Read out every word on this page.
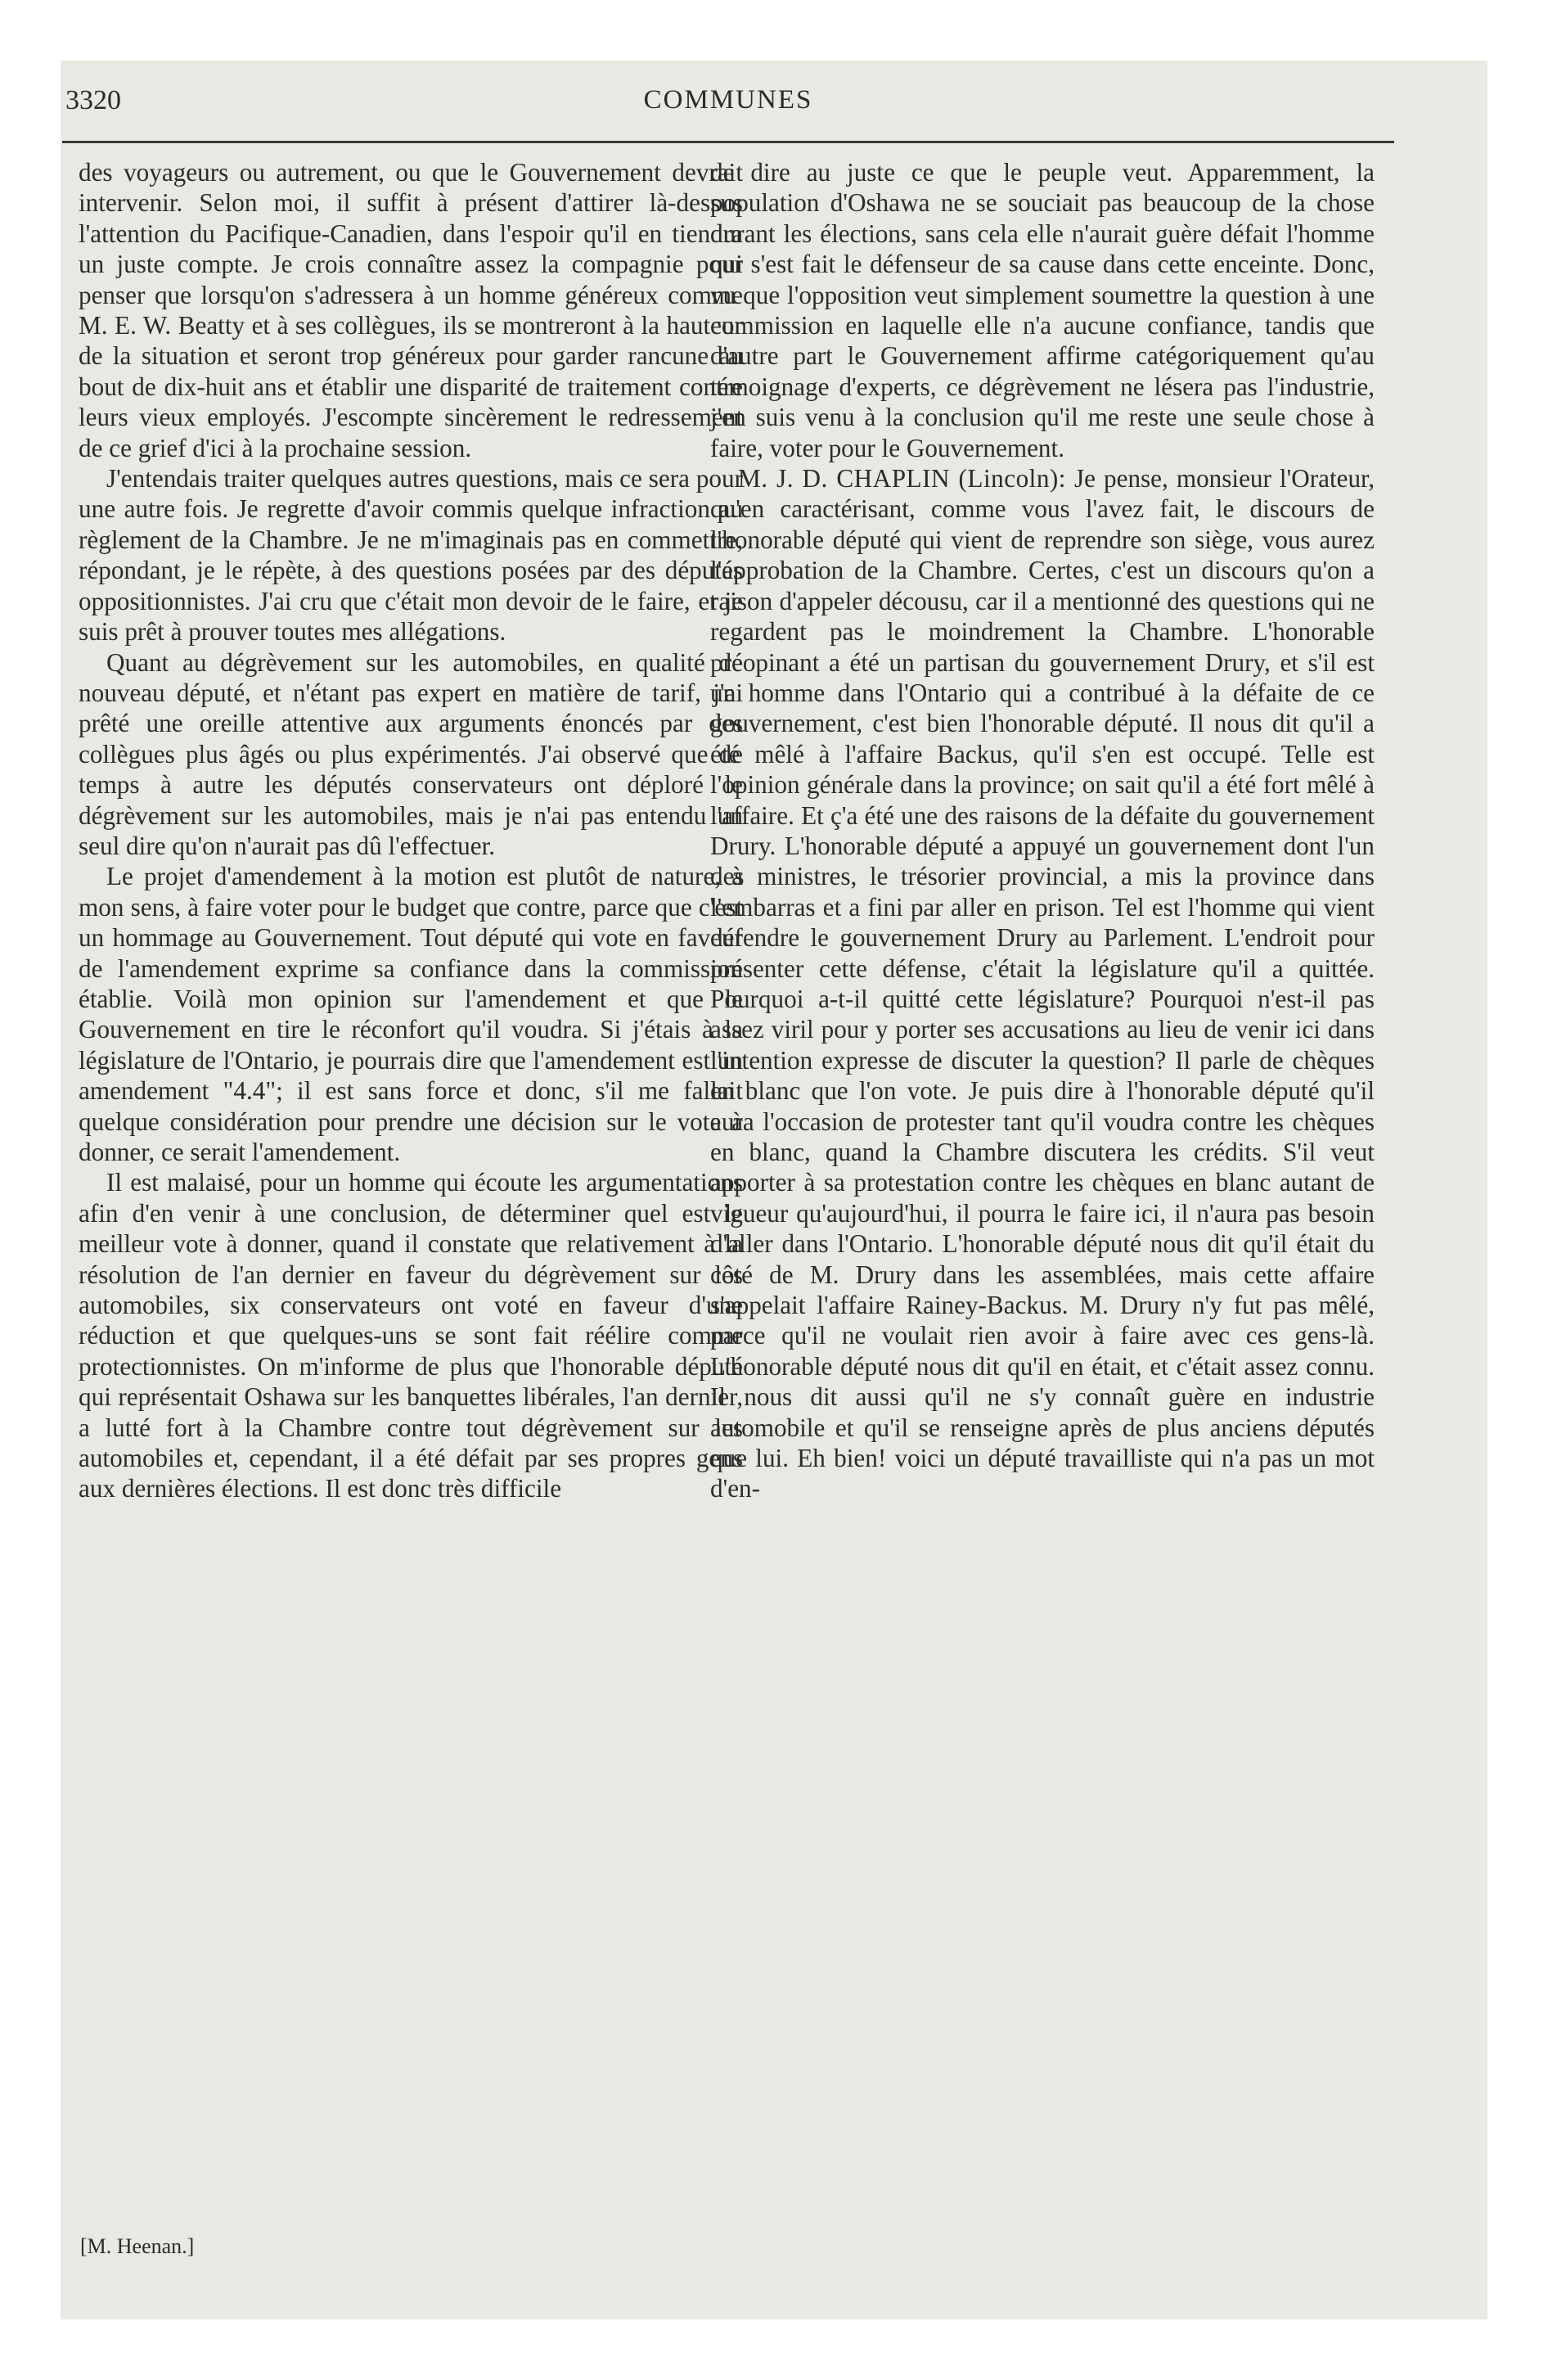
3320	COMMUNES

des voyageurs ou autrement, ou que le Gouvernement devrait intervenir. Selon moi, il suffit à présent d'attirer là-dessus l'attention du Pacifique-Canadien, dans l'espoir qu'il en tiendra un juste compte. Je crois connaître assez la compagnie pour penser que lorsqu'on s'adressera à un homme généreux comme M. E. W. Beatty et à ses collègues, ils se montreront à la hauteur de la situation et seront trop généreux pour garder rancune au bout de dix-huit ans et établir une disparité de traitement contre leurs vieux employés. J'escompte sincèrement le redressement de ce grief d'ici à la prochaine session.

J'entendais traiter quelques autres questions, mais ce sera pour une autre fois. Je regrette d'avoir commis quelque infraction au règlement de la Chambre. Je ne m'imaginais pas en commettre, répondant, je le répète, à des questions posées par des députés oppositionnistes. J'ai cru que c'était mon devoir de le faire, et je suis prêt à prouver toutes mes allégations.

Quant au dégrèvement sur les automobiles, en qualité de nouveau député, et n'étant pas expert en matière de tarif, j'ai prêté une oreille attentive aux arguments énoncés par des collègues plus âgés ou plus expérimentés. J'ai observé que de temps à autre les députés conservateurs ont déploré le dégrèvement sur les automobiles, mais je n'ai pas entendu un seul dire qu'on n'aurait pas dû l'effectuer.

Le projet d'amendement à la motion est plutôt de nature, à mon sens, à faire voter pour le budget que contre, parce que c'est un hommage au Gouvernement. Tout député qui vote en faveur de l'amendement exprime sa confiance dans la commission établie. Voilà mon opinion sur l'amendement et que le Gouvernement en tire le réconfort qu'il voudra. Si j'étais à la législature de l'Ontario, je pourrais dire que l'amendement est un amendement "4.4"; il est sans force et donc, s'il me fallait quelque considération pour prendre une décision sur le vote à donner, ce serait l'amendement.

Il est malaisé, pour un homme qui écoute les argumentations afin d'en venir à une conclusion, de déterminer quel est le meilleur vote à donner, quand il constate que relativement à la résolution de l'an dernier en faveur du dégrèvement sur les automobiles, six conservateurs ont voté en faveur d'une réduction et que quelques-uns se sont fait réélire comme protectionnistes. On m'informe de plus que l'honorable député qui représentait Oshawa sur les banquettes libérales, l'an dernier, a lutté fort à la Chambre contre tout dégrèvement sur les automobiles et, cependant, il a été défait par ses propres gens aux dernières élections. Il est donc très difficile

de dire au juste ce que le peuple veut. Apparemment, la population d'Oshawa ne se souciait pas beaucoup de la chose durant les élections, sans cela elle n'aurait guère défait l'homme qui s'est fait le défenseur de sa cause dans cette enceinte. Donc, vu que l'opposition veut simplement soumettre la question à une commission en laquelle elle n'a aucune confiance, tandis que d'autre part le Gouvernement affirme catégoriquement qu'au témoignage d'experts, ce dégrèvement ne lésera pas l'industrie, j'en suis venu à la conclusion qu'il me reste une seule chose à faire, voter pour le Gouvernement.

M. J. D. CHAPLIN (Lincoln): Je pense, monsieur l'Orateur, qu'en caractérisant, comme vous l'avez fait, le discours de l'honorable député qui vient de reprendre son siège, vous aurez l'approbation de la Chambre. Certes, c'est un discours qu'on a raison d'appeler décousu, car il a mentionné des questions qui ne regardent pas le moindrement la Chambre. L'honorable préopinant a été un partisan du gouvernement Drury, et s'il est un homme dans l'Ontario qui a contribué à la défaite de ce gouvernement, c'est bien l'honorable député. Il nous dit qu'il a été mêlé à l'affaire Backus, qu'il s'en est occupé. Telle est l'opinion générale dans la province; on sait qu'il a été fort mêlé à l'affaire. Et ç'a été une des raisons de la défaite du gouvernement Drury. L'honorable député a appuyé un gouvernement dont l'un des ministres, le trésorier provincial, a mis la province dans l'embarras et a fini par aller en prison. Tel est l'homme qui vient défendre le gouvernement Drury au Parlement. L'endroit pour présenter cette défense, c'était la législature qu'il a quittée. Pourquoi a-t-il quitté cette législature? Pourquoi n'est-il pas assez viril pour y porter ses accusations au lieu de venir ici dans l'intention expresse de discuter la question? Il parle de chèques en blanc que l'on vote. Je puis dire à l'honorable député qu'il aura l'occasion de protester tant qu'il voudra contre les chèques en blanc, quand la Chambre discutera les crédits. S'il veut apporter à sa protestation contre les chèques en blanc autant de vigueur qu'aujourd'hui, il pourra le faire ici, il n'aura pas besoin d'aller dans l'Ontario. L'honorable député nous dit qu'il était du côté de M. Drury dans les assemblées, mais cette affaire s'appelait l'affaire Rainey-Backus. M. Drury n'y fut pas mêlé, parce qu'il ne voulait rien avoir à faire avec ces gens-là. L'honorable député nous dit qu'il en était, et c'était assez connu. Il nous dit aussi qu'il ne s'y connaît guère en industrie automobile et qu'il se renseigne après de plus anciens députés que lui. Eh bien! voici un député travailliste qui n'a pas un mot d'en-

[M. Heenan.]
